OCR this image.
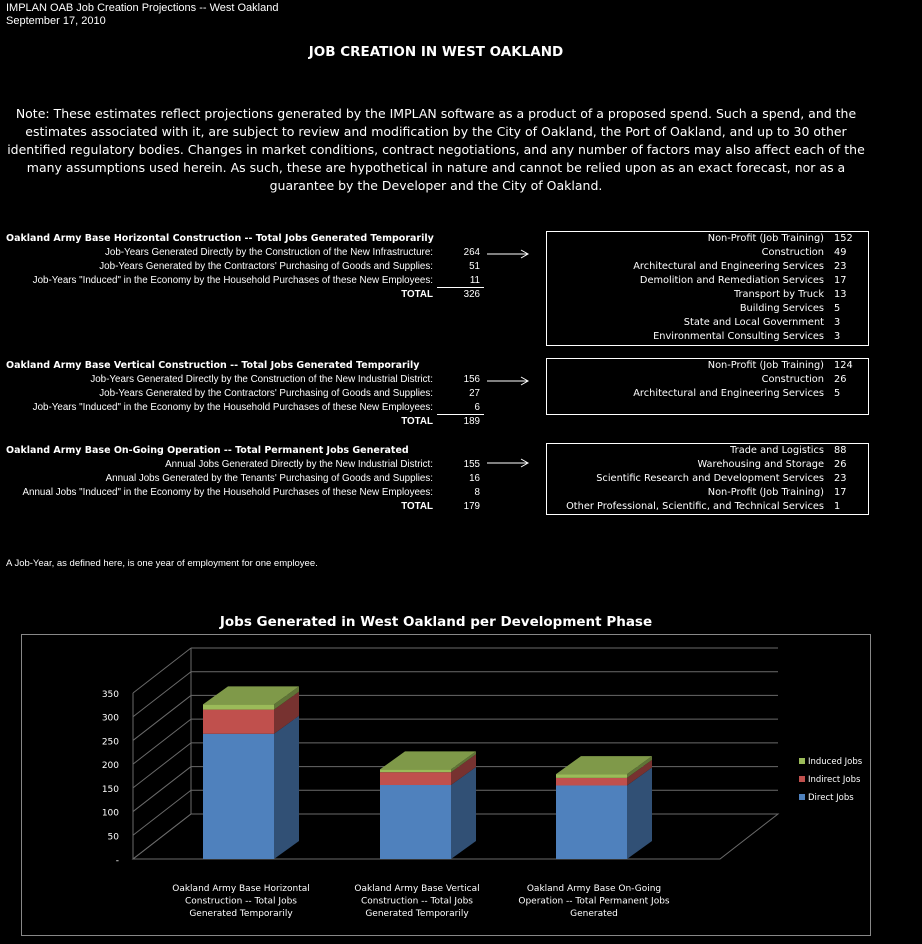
IMPLAN OAB Job Creation Projections -- West Oakland
September 17, 2010
JOB CREATION IN WEST OAKLAND
Note: These estimates reflect projections generated by the IMPLAN software as a product of a proposed spend. Such a spend, and the estimates associated with it, are subject to review and modification by the City of Oakland, the Port of Oakland, and up to 30 other identified regulatory bodies. Changes in market conditions, contract negotiations, and any number of factors may also affect each of the many assumptions used herein. As such, these are hypothetical in nature and cannot be relied upon as an exact forecast, nor as a guarantee by the Developer and the City of Oakland.
Oakland Army Base Horizontal Construction -- Total Jobs Generated Temporarily
Job-Years Generated Directly by the Construction of the New Infrastructure:	264
Job-Years Generated by the Contractors' Purchasing of Goods and Supplies:	51
Job-Years "Induced" in the Economy by the Household Purchases of these New Employees:	11
TOTAL	326
Non-Profit (Job Training) 152
Construction 49
Architectural and Engineering Services 23
Demolition and Remediation Services 17
Transport by Truck 13
Building Services 5
State and Local Government 3
Environmental Consulting Services 3
Oakland Army Base Vertical Construction -- Total Jobs Generated Temporarily
Job-Years Generated Directly by the Construction of the New Industrial District:	156
Job-Years Generated by the Contractors' Purchasing of Goods and Supplies:	27
Job-Years "Induced" in the Economy by the Household Purchases of these New Employees:	6
TOTAL	189
Non-Profit (Job Training) 124
Construction 26
Architectural and Engineering Services 5
Oakland Army Base On-Going Operation -- Total Permanent Jobs Generated
Annual Jobs Generated Directly by the New Industrial District:	155
Annual Jobs Generated by the Tenants' Purchasing of Goods and Supplies:	16
Annual Jobs "Induced" in the Economy by the Household Purchases of these New Employees:	8
TOTAL	179
Trade and Logistics 88
Warehousing and Storage 26
Scientific Research and Development Services 23
Non-Profit (Job Training) 17
Other Professional, Scientific, and Technical Services 1
A Job-Year, as defined here, is one year of employment for one employee.
Jobs Generated in West Oakland per Development Phase
-
50
100
150
200
250
300
350
Oakland Army Base Horizontal
Construction -- Total Jobs
Generated Temporarily
Oakland Army Base Vertical
Construction -- Total Jobs
Generated Temporarily
Oakland Army Base On-Going
Operation -- Total Permanent Jobs
Generated
Induced Jobs
Indirect Jobs
Direct Jobs
